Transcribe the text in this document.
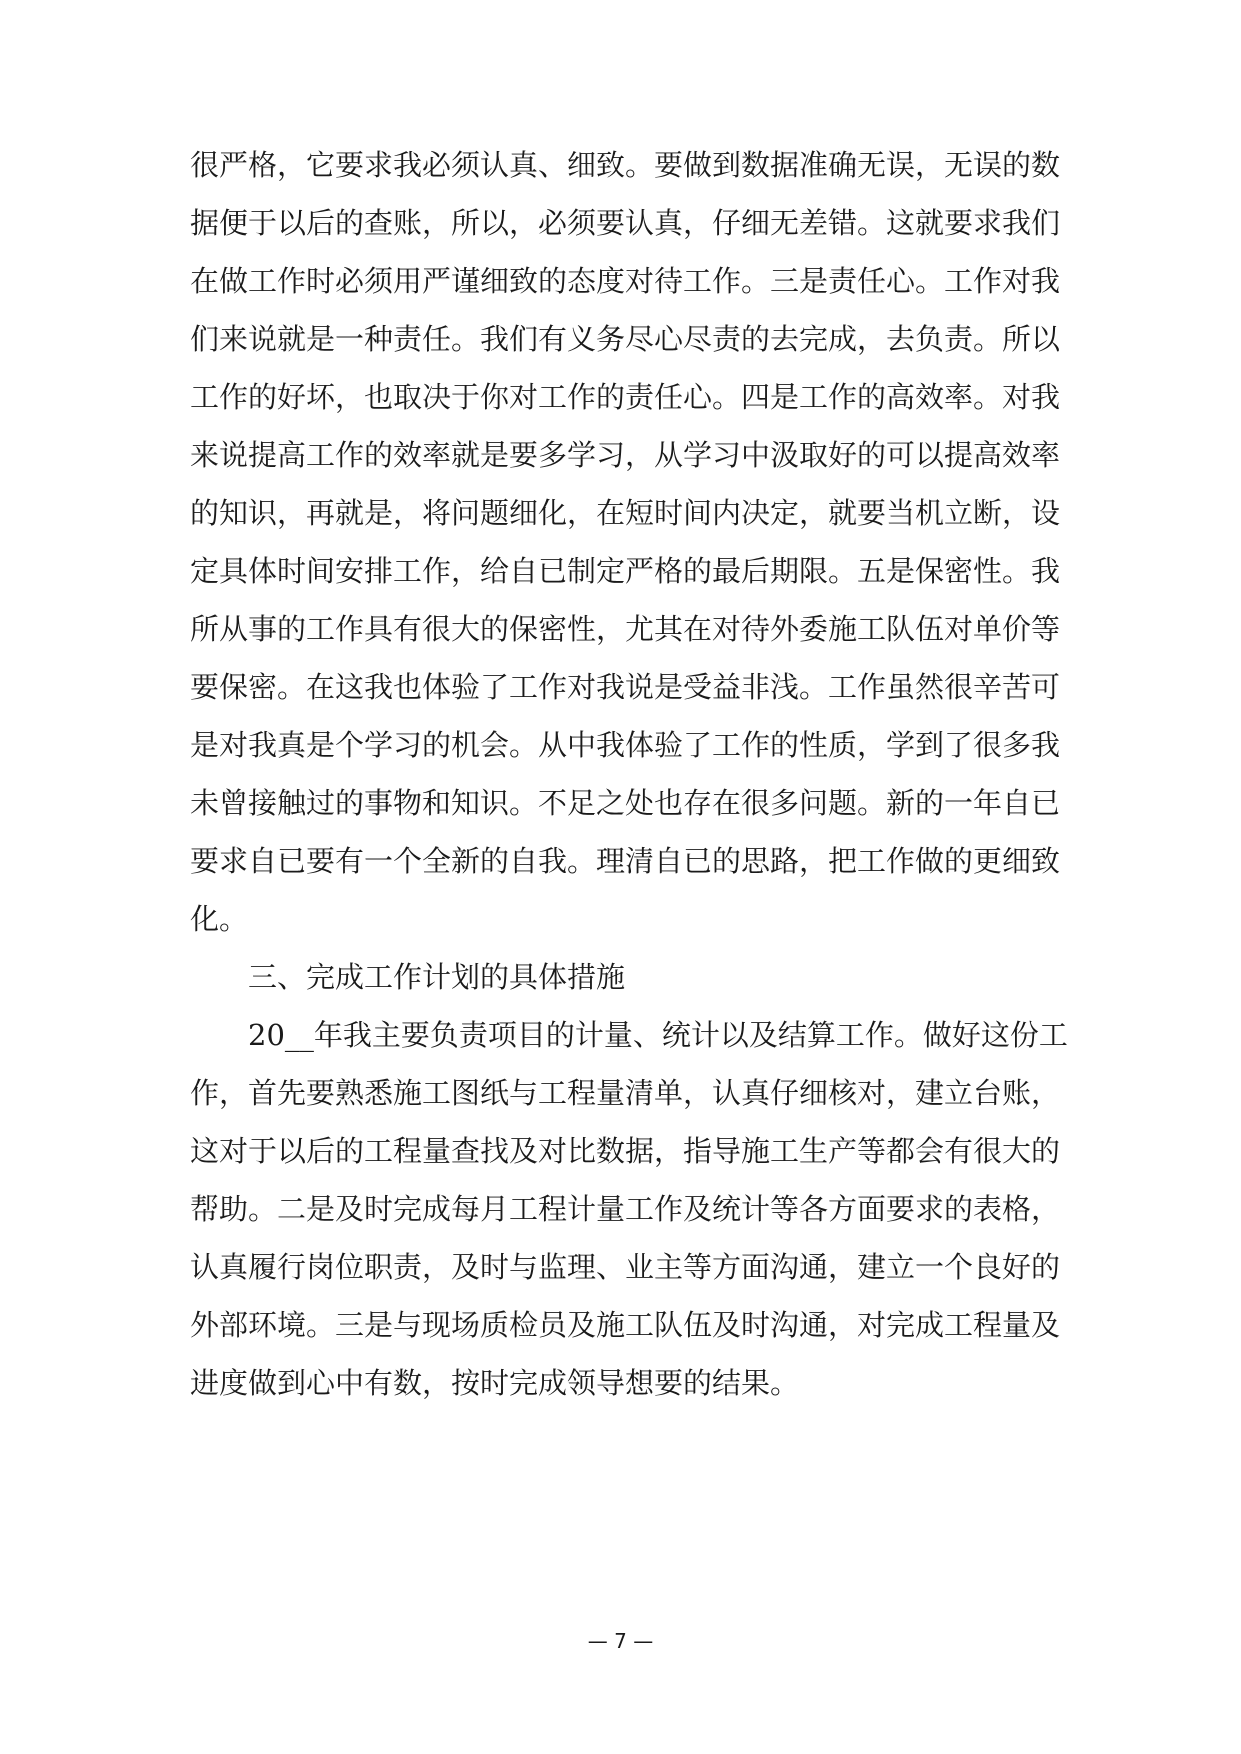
很严格，它要求我必须认真、细致。要做到数据准确无误，无误的数
据便于以后的查账，所以，必须要认真，仔细无差错。这就要求我们
在做工作时必须用严谨细致的态度对待工作。三是责任心。工作对我
们来说就是一种责任。我们有义务尽心尽责的去完成，去负责。所以
工作的好坏，也取决于你对工作的责任心。四是工作的高效率。对我
来说提高工作的效率就是要多学习，从学习中汲取好的可以提高效率
的知识，再就是，将问题细化，在短时间内决定，就要当机立断，设
定具体时间安排工作，给自已制定严格的最后期限。五是保密性。我
所从事的工作具有很大的保密性，尤其在对待外委施工队伍对单价等
要保密。在这我也体验了工作对我说是受益非浅。工作虽然很辛苦可
是对我真是个学习的机会。从中我体验了工作的性质，学到了很多我
未曾接触过的事物和知识。不足之处也存在很多问题。新的一年自已
要求自已要有一个全新的自我。理清自已的思路，把工作做的更细致
化。
三、完成工作计划的具体措施
20__年我主要负责项目的计量、统计以及结算工作。做好这份工
作，首先要熟悉施工图纸与工程量清单，认真仔细核对，建立台账，
这对于以后的工程量查找及对比数据，指导施工生产等都会有很大的
帮助。二是及时完成每月工程计量工作及统计等各方面要求的表格，
认真履行岗位职责，及时与监理、业主等方面沟通，建立一个良好的
外部环境。三是与现场质检员及施工队伍及时沟通，对完成工程量及
进度做到心中有数，按时完成领导想要的结果。
— 7 —
